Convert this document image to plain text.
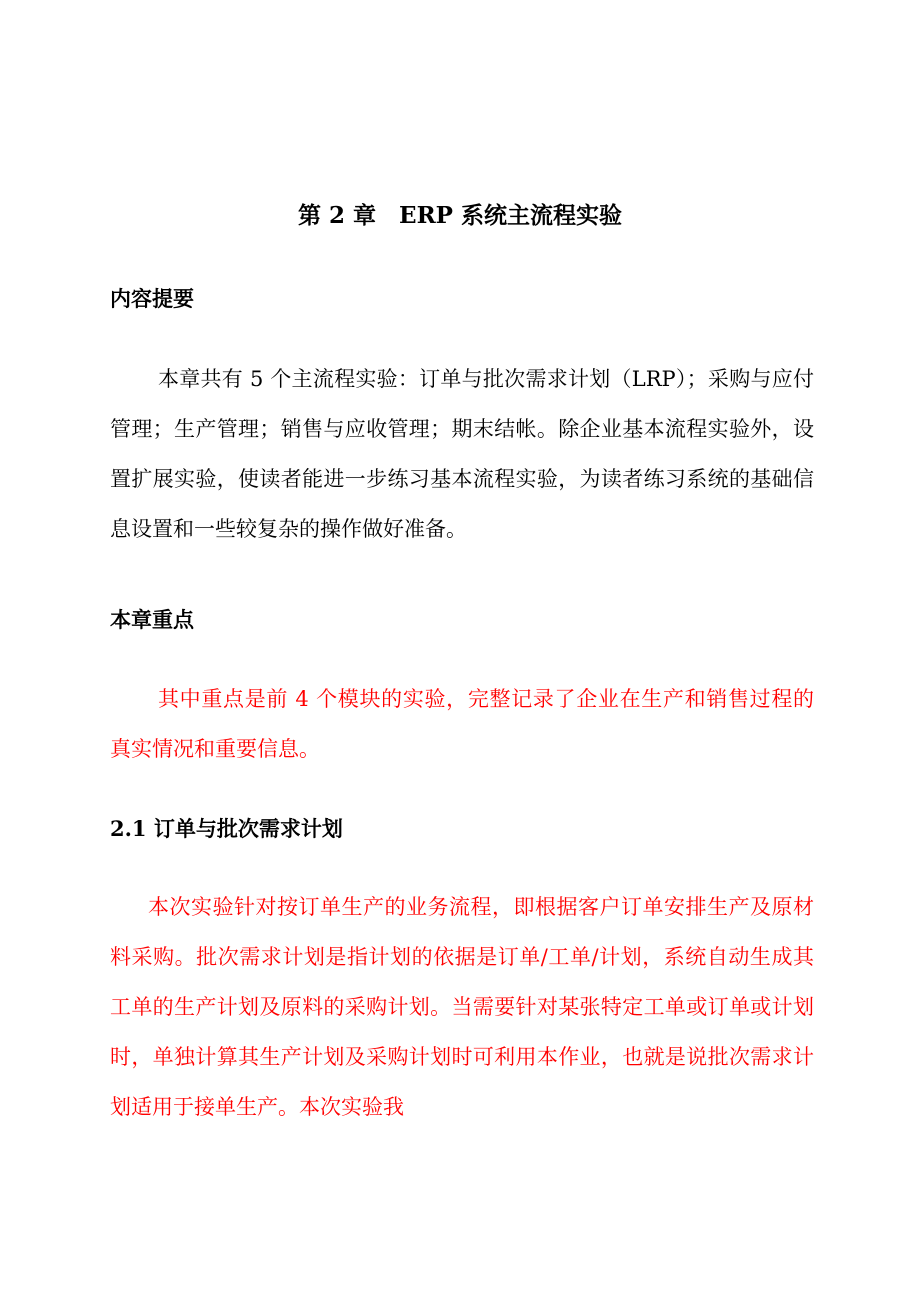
第 2 章　ERP 系统主流程实验
内容提要

本章共有 5 个主流程实验：订单与批次需求计划（LRP）；采购与应付管理；生产管理；销售与应收管理；期末结帐。除企业基本流程实验外，设置扩展实验，使读者能进一步练习基本流程实验，为读者练习系统的基础信息设置和一些较复杂的操作做好准备。

本章重点

其中重点是前 4 个模块的实验，完整记录了企业在生产和销售过程的真实情况和重要信息。

2.1 订单与批次需求计划

本次实验针对按订单生产的业务流程，即根据客户订单安排生产及原材料采购。批次需求计划是指计划的依据是订单/工单/计划，系统自动生成其工单的生产计划及原料的采购计划。当需要针对某张特定工单或订单或计划时，单独计算其生产计划及采购计划时可利用本作业，也就是说批次需求计划适用于接单生产。本次实验我
